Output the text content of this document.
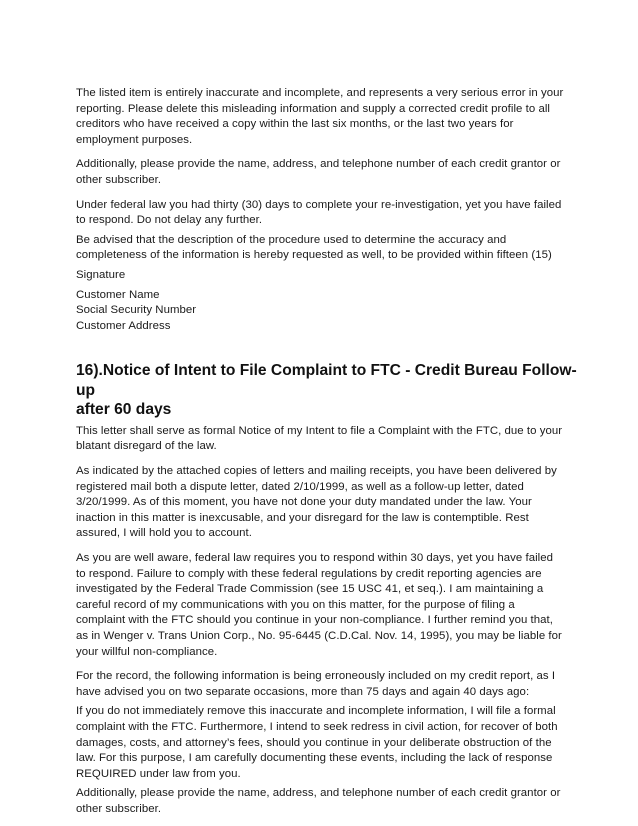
The listed item is entirely inaccurate and incomplete, and represents a very serious error in your
reporting. Please delete this misleading information and supply a corrected credit profile to all
creditors who have received a copy within the last six months, or the last two years for
employment purposes.

Additionally, please provide the name, address, and telephone number of each credit grantor or
other subscriber.

Under federal law you had thirty (30) days to complete your re-investigation, yet you have failed
to respond. Do not delay any further.

Be advised that the description of the procedure used to determine the accuracy and
completeness of the information is hereby requested as well, to be provided within fifteen (15)

Signature

Customer Name
Social Security Number
Customer Address

16).Notice of Intent to File Complaint to FTC - Credit Bureau Follow-up
after 60 days

This letter shall serve as formal Notice of my Intent to file a Complaint with the FTC, due to your
blatant disregard of the law.

As indicated by the attached copies of letters and mailing receipts, you have been delivered by
registered mail both a dispute letter, dated 2/10/1999, as well as a follow-up letter, dated
3/20/1999. As of this moment, you have not done your duty mandated under the law. Your
inaction in this matter is inexcusable, and your disregard for the law is contemptible. Rest
assured, I will hold you to account.

As you are well aware, federal law requires you to respond within 30 days, yet you have failed
to respond. Failure to comply with these federal regulations by credit reporting agencies are
investigated by the Federal Trade Commission (see 15 USC 41, et seq.). I am maintaining a
careful record of my communications with you on this matter, for the purpose of filing a
complaint with the FTC should you continue in your non-compliance. I further remind you that,
as in Wenger v. Trans Union Corp., No. 95-6445 (C.D.Cal. Nov. 14, 1995), you may be liable for
your willful non-compliance.

For the record, the following information is being erroneously included on my credit report, as I
have advised you on two separate occasions, more than 75 days and again 40 days ago:

If you do not immediately remove this inaccurate and incomplete information, I will file a formal
complaint with the FTC. Furthermore, I intend to seek redress in civil action, for recover of both
damages, costs, and attorney’s fees, should you continue in your deliberate obstruction of the
law. For this purpose, I am carefully documenting these events, including the lack of response
REQUIRED under law from you.

Additionally, please provide the name, address, and telephone number of each credit grantor or
other subscriber.
